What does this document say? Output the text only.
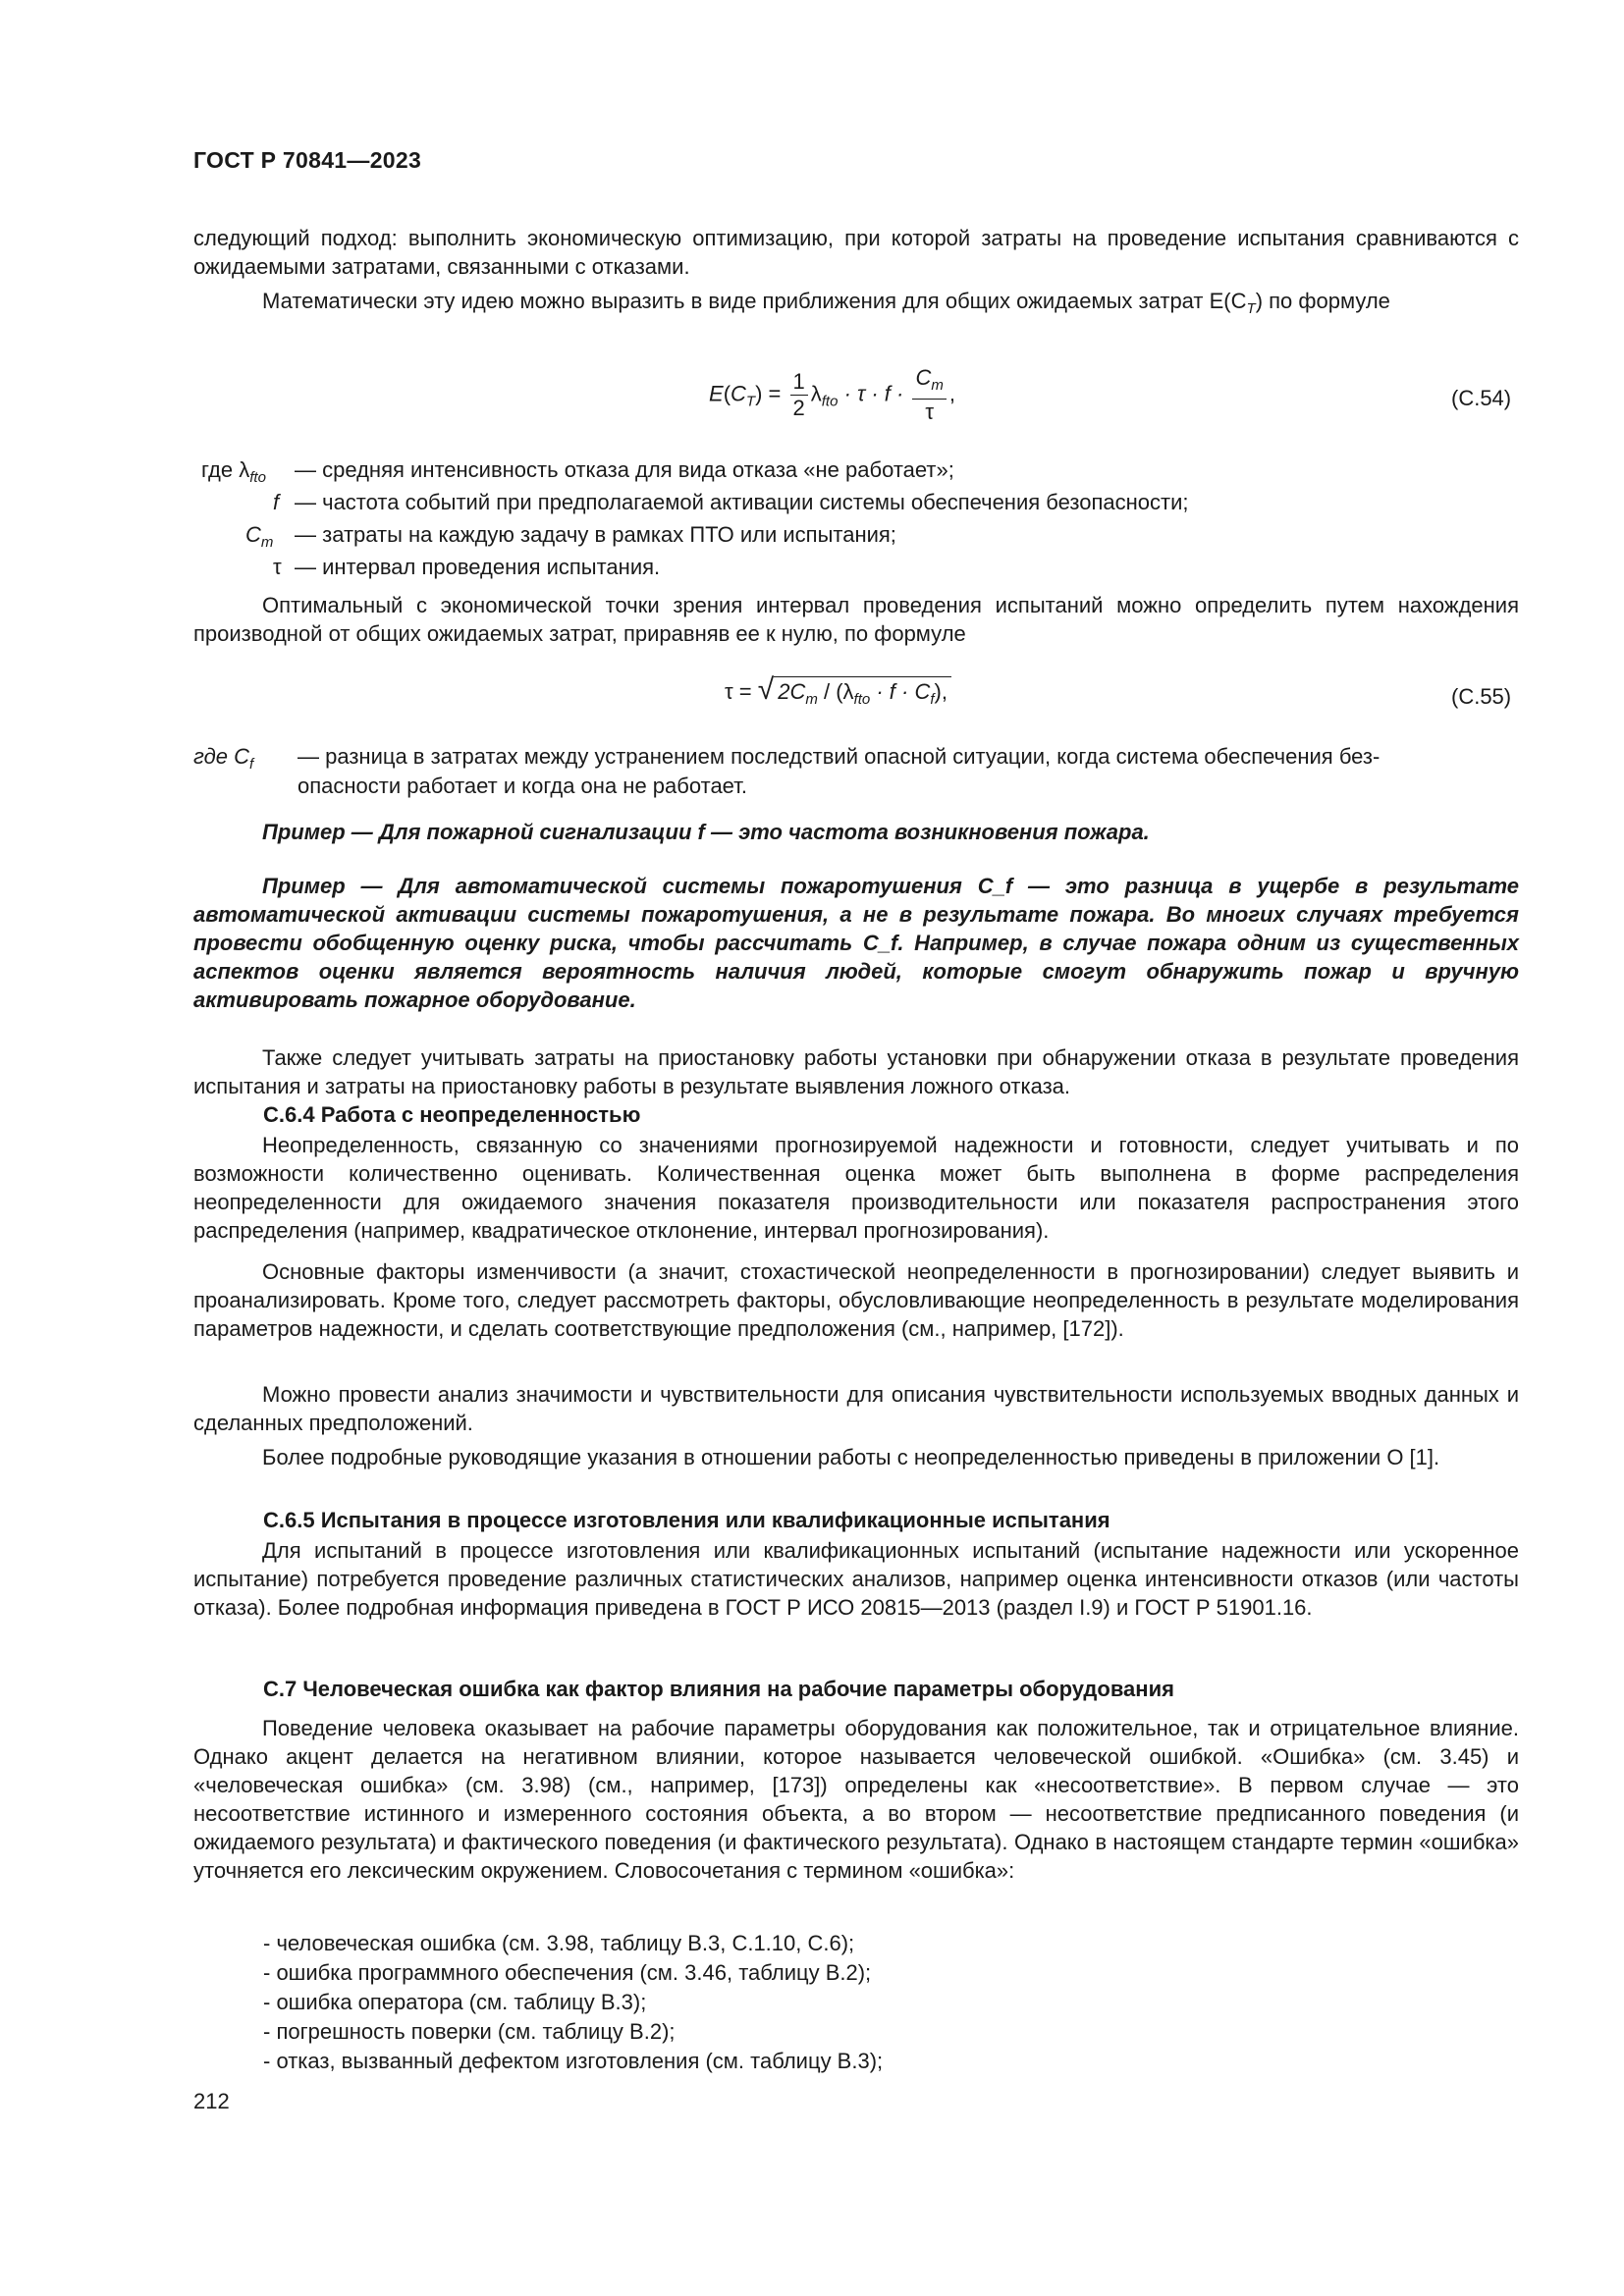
ГОСТ Р 70841—2023
следующий подход: выполнить экономическую оптимизацию, при которой затраты на проведение испытания сравниваются с ожидаемыми затратами, связанными с отказами.
Математически эту идею можно выразить в виде приближения для общих ожидаемых затрат $E(C_T)$ по формуле
$E(C_T) = \frac{1}{2} \lambda_{fto} \cdot \tau \cdot f \cdot \frac{C_m}{\tau}$ ,	(C.54)
где $\lambda_{fto}$ — средняя интенсивность отказа для вида отказа «не работает»;
f — частота событий при предполагаемой активации системы обеспечения безопасности;
$C_m$ — затраты на каждую задачу в рамках ПТО или испытания;
τ — интервал проведения испытания.
Оптимальный с экономической точки зрения интервал проведения испытаний можно определить путем нахождения производной от общих ожидаемых затрат, приравняв ее к нулю, по формуле
τ = √ $2C_m / (\lambda_{fto} \cdot f \cdot C_f)$,	(C.55)
где $C_f$ — разница в затратах между устранением последствий опасной ситуации, когда система обеспечения без-
опасности работает и когда она не работает.
Пример — Для пожарной сигнализации f — это частота возникновения пожара.
Пример — Для автоматической системы пожаротушения C_f — это разница в ущербе в результате автоматической активации системы пожаротушения, а не в результате пожара. Во многих случаях требуется провести обобщенную оценку риска, чтобы рассчитать C_f. Например, в случае пожара одним из существенных аспектов оценки является вероятность наличия людей, которые смогут обнаружить пожар и вручную активировать пожарное оборудование.
Также следует учитывать затраты на приостановку работы установки при обнаружении отказа в результате проведения испытания и затраты на приостановку работы в результате выявления ложного отказа.
С.6.4 Работа с неопределенностью
Неопределенность, связанную со значениями прогнозируемой надежности и готовности, следует учитывать и по возможности количественно оценивать. Количественная оценка может быть выполнена в форме распределения неопределенности для ожидаемого значения показателя производительности или показателя распространения этого распределения (например, квадратическое отклонение, интервал прогнозирования).
Основные факторы изменчивости (а значит, стохастической неопределенности в прогнозировании) следует выявить и проанализировать. Кроме того, следует рассмотреть факторы, обусловливающие неопределенность в результате моделирования параметров надежности, и сделать соответствующие предположения (см., например, [172]).
Можно провести анализ значимости и чувствительности для описания чувствительности используемых вводных данных и сделанных предположений.
Более подробные руководящие указания в отношении работы с неопределенностью приведены в приложении О [1].
С.6.5 Испытания в процессе изготовления или квалификационные испытания
Для испытаний в процессе изготовления или квалификационных испытаний (испытание надежности или ускоренное испытание) потребуется проведение различных статистических анализов, например оценка интенсивности отказов (или частоты отказа). Более подробная информация приведена в ГОСТ Р ИСО 20815—2013 (раздел I.9) и ГОСТ Р 51901.16.
С.7 Человеческая ошибка как фактор влияния на рабочие параметры оборудования
Поведение человека оказывает на рабочие параметры оборудования как положительное, так и отрицательное влияние. Однако акцент делается на негативном влиянии, которое называется человеческой ошибкой. «Ошибка» (см. 3.45) и «человеческая ошибка» (см. 3.98) (см., например, [173]) определены как «несоответствие». В первом случае — это несоответствие истинного и измеренного состояния объекта, а во втором — несоответствие предписанного поведения (и ожидаемого результата) и фактического поведения (и фактического результата). Однако в настоящем стандарте термин «ошибка» уточняется его лексическим окружением. Словосочетания с термином «ошибка»:
- человеческая ошибка (см. 3.98, таблицу В.3, С.1.10, С.6);
- ошибка программного обеспечения (см. 3.46, таблицу В.2);
- ошибка оператора (см. таблицу В.3);
- погрешность поверки (см. таблицу В.2);
- отказ, вызванный дефектом изготовления (см. таблицу В.3);
212
